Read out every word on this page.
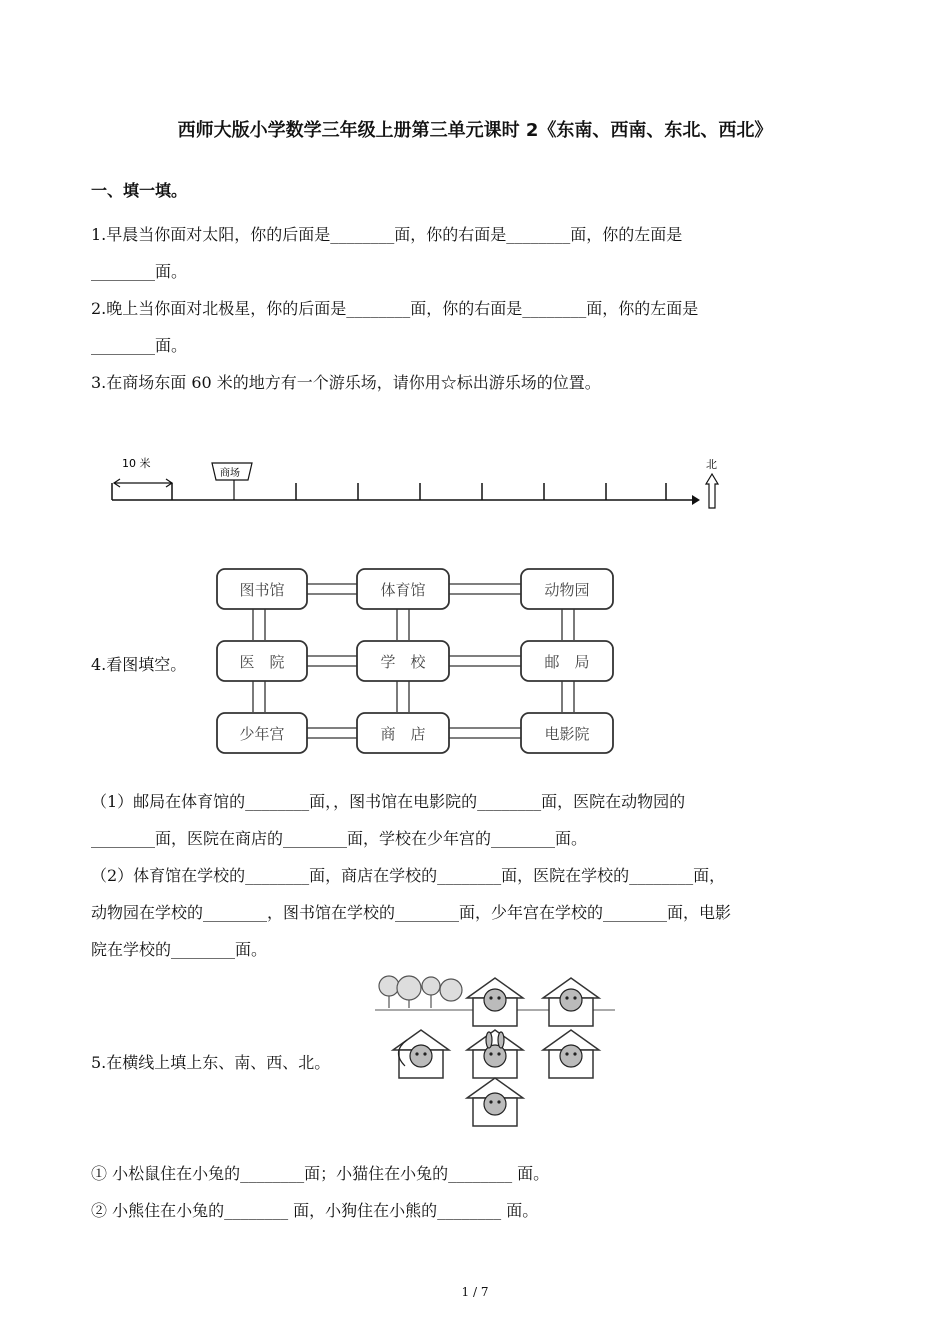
西师大版小学数学三年级上册第三单元课时 2《东南、西南、东北、西北》
一、填一填。
1.早晨当你面对太阳，你的后面是________面，你的右面是________面，你的左面是
________面。
2.晚上当你面对北极星，你的后面是________面，你的右面是________面，你的左面是
________面。
3.在商场东面 60 米的地方有一个游乐场，请你用☆标出游乐场的位置。
10 米
商场
北
4.看图填空。
图书馆	体育馆	动物园
医　院	学　校	邮　局
少年宫	商　店	电影院
（1）邮局在体育馆的________面，，图书馆在电影院的________面，医院在动物园的
________面，医院在商店的________面，学校在少年宫的________面。
（2）体育馆在学校的________面，商店在学校的________面，医院在学校的________面，
动物园在学校的________，图书馆在学校的________面，少年宫在学校的________面，电影
院在学校的________面。
5.在横线上填上东、南、西、北。
① 小松鼠住在小兔的________面；小猫住在小兔的________ 面。
② 小熊住在小兔的________ 面，小狗住在小熊的________ 面。
1 / 7
